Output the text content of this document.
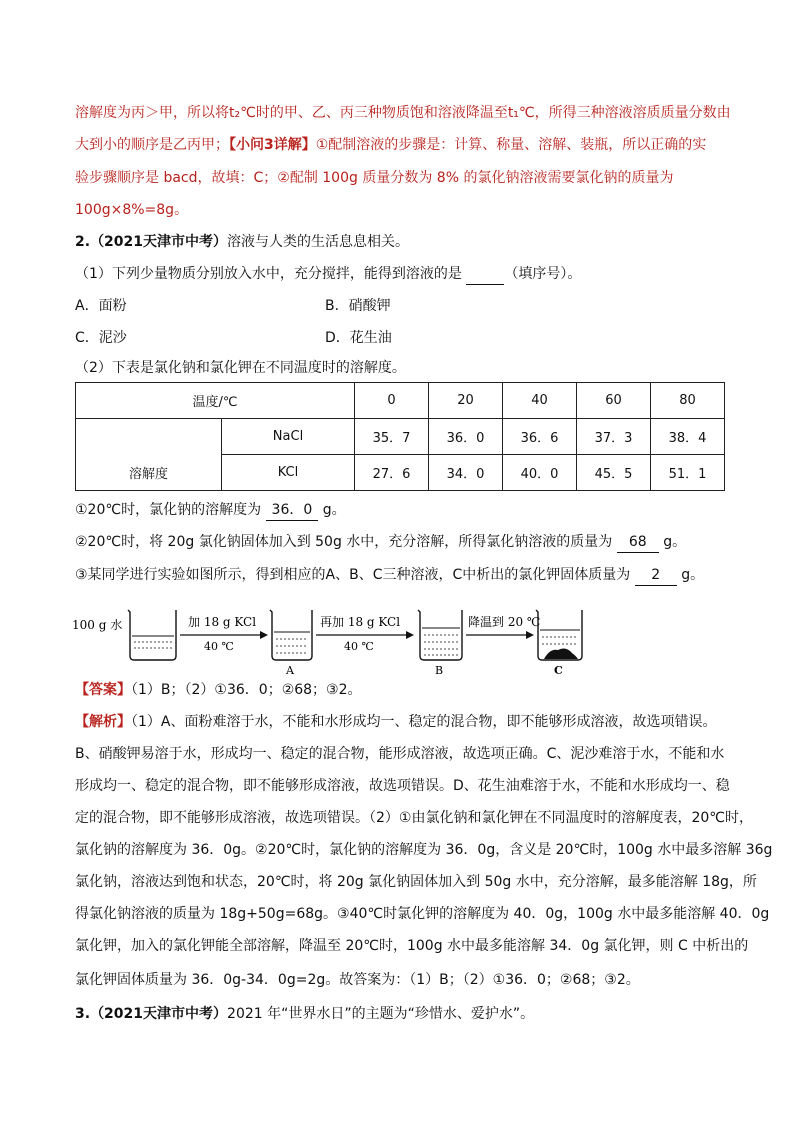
溶解度为丙＞甲，所以将t₂℃时的甲、乙、丙三种物质饱和溶液降温至t₁℃，所得三种溶液溶质质量分数由
大到小的顺序是乙丙甲；【小问3详解】①配制溶液的步骤是：计算、称量、溶解、装瓶，所以正确的实
验步骤顺序是 bacd，故填：C；②配制 100g 质量分数为 8% 的氯化钠溶液需要氯化钠的质量为
100g×8%=8g。
2.（2021天津市中考）溶液与人类的生活息息相关。
（1）下列少量物质分别放入水中，充分搅拌，能得到溶液的是	（填序号）。
A．面粉	B．硝酸钾
C．泥沙	D．花生油
（2）下表是氯化钠和氯化钾在不同温度时的溶解度。
温度/℃		0	20	40	60	80
溶解度	NaCl	35．7	36．0	36．6	37．3	38．4
	KCl	27．6	34．0	40．0	45．5	51．1
①20℃时，氯化钠的溶解度为 36．0 g。
②20℃时，将 20g 氯化钠固体加入到 50g 水中，充分溶解，所得氯化钠溶液的质量为 68 g。
③某同学进行实验如图所示，得到相应的A、B、C三种溶液，C中析出的氯化钾固体质量为 2 g。
100 g 水	加 18 g KCl
40 ℃
A
再加 18 g KCl
40 ℃
B
降温到 20 ℃
C
【答案】（1）B；（2）①36．0；②68；③2。
【解析】（1）A、面粉难溶于水，不能和水形成均一、稳定的混合物，即不能够形成溶液，故选项错误。
B、硝酸钾易溶于水，形成均一、稳定的混合物，能形成溶液，故选项正确。C、泥沙难溶于水，不能和水
形成均一、稳定的混合物，即不能够形成溶液，故选项错误。D、花生油难溶于水，不能和水形成均一、稳
定的混合物，即不能够形成溶液，故选项错误。（2）①由氯化钠和氯化钾在不同温度时的溶解度表，20℃时，
氯化钠的溶解度为 36．0g。②20℃时，氯化钠的溶解度为 36．0g，含义是 20℃时，100g 水中最多溶解 36g
氯化钠，溶液达到饱和状态，20℃时，将 20g 氯化钠固体加入到 50g 水中，充分溶解，最多能溶解 18g，所
得氯化钠溶液的质量为 18g+50g=68g。③40℃时氯化钾的溶解度为 40．0g，100g 水中最多能溶解 40．0g
氯化钾，加入的氯化钾能全部溶解，降温至 20℃时，100g 水中最多能溶解 34．0g 氯化钾，则 C 中析出的
氯化钾固体质量为 36．0g-34．0g=2g。故答案为：（1）B；（2）①36．0；②68；③2。
3.（2021天津市中考）2021 年“世界水日”的主题为“珍惜水、爱护水”。
